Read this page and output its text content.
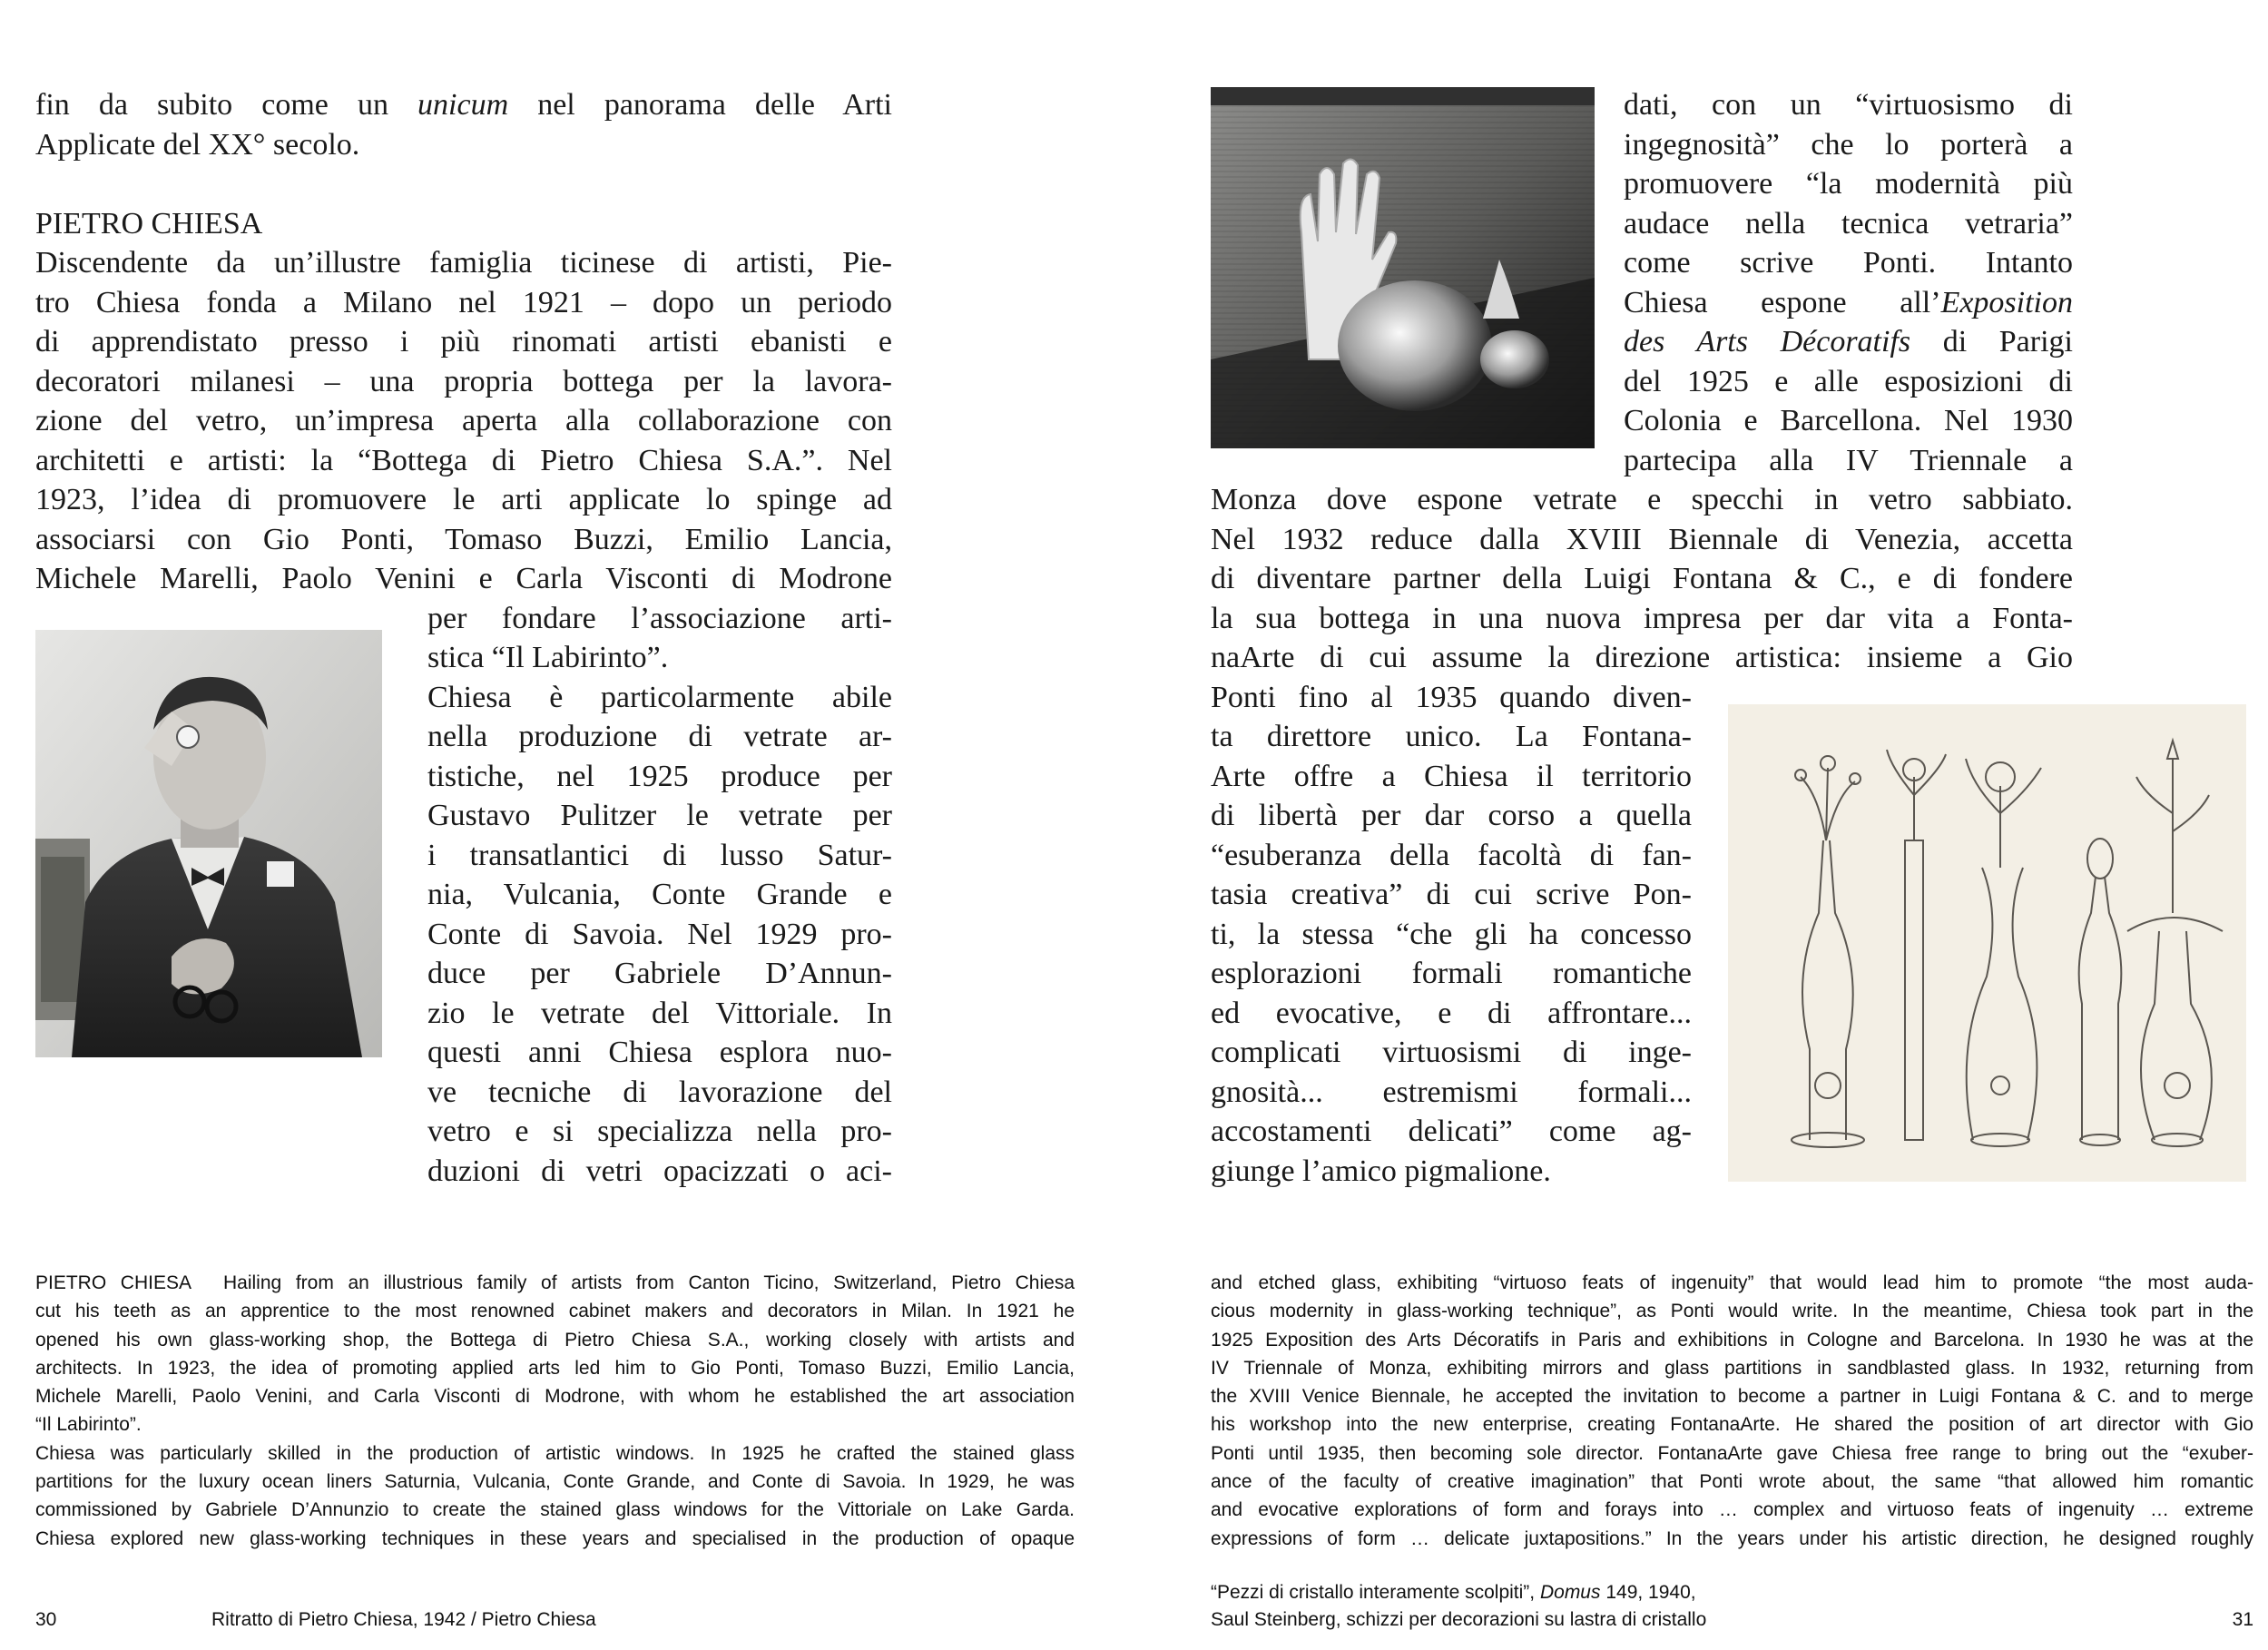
fin da subito come un unicum nel panorama delle Arti
Applicate del XX° secolo.
PIETRO CHIESA
Discendente da un’illustre famiglia ticinese di artisti, Pie-
tro Chiesa fonda a Milano nel 1921 – dopo un periodo
di apprendistato presso i più rinomati artisti ebanisti e
decoratori milanesi – una propria bottega per la lavora-
zione del vetro, un’impresa aperta alla collaborazione con
architetti e artisti: la “Bottega di Pietro Chiesa S.A.”. Nel
1923, l’idea di promuovere le arti applicate lo spinge ad
associarsi con Gio Ponti, Tomaso Buzzi, Emilio Lancia,
Michele Marelli, Paolo Venini e Carla Visconti di Modrone
per fondare l’associazione arti-
stica “Il Labirinto”.
Chiesa è particolarmente abile
nella produzione di vetrate ar-
tistiche, nel 1925 produce per
Gustavo Pulitzer le vetrate per
i transatlantici di lusso Satur-
nia, Vulcania, Conte Grande e
Conte di Savoia. Nel 1929 pro-
duce per Gabriele D’Annun-
zio le vetrate del Vittoriale. In
questi anni Chiesa esplora nuo-
ve tecniche di lavorazione del
vetro e si specializza nella pro-
duzioni di vetri opacizzati o aci-
PIETRO CHIESA Hailing from an illustrious family of artists from Canton Ticino, Switzerland, Pietro Chiesa
cut his teeth as an apprentice to the most renowned cabinet makers and decorators in Milan. In 1921 he
opened his own glass-working shop, the Bottega di Pietro Chiesa S.A., working closely with artists and
architects. In 1923, the idea of promoting applied arts led him to Gio Ponti, Tomaso Buzzi, Emilio Lancia,
Michele Marelli, Paolo Venini, and Carla Visconti di Modrone, with whom he established the art association
“Il Labirinto”.
Chiesa was particularly skilled in the production of artistic windows. In 1925 he crafted the stained glass
partitions for the luxury ocean liners Saturnia, Vulcania, Conte Grande, and Conte di Savoia. In 1929, he was
commissioned by Gabriele D’Annunzio to create the stained glass windows for the Vittoriale on Lake Garda.
Chiesa explored new glass-working techniques in these years and specialised in the production of opaque
30	Ritratto di Pietro Chiesa, 1942 / Pietro Chiesa
dati, con un “virtuosismo di
ingegnosità” che lo porterà a
promuovere “la modernità più
audace nella tecnica vetraria”
come scrive Ponti. Intanto
Chiesa espone all’Exposition
des Arts Décoratifs di Parigi
del 1925 e alle esposizioni di
Colonia e Barcellona. Nel 1930
partecipa alla IV Triennale a
Monza dove espone vetrate e specchi in vetro sabbiato.
Nel 1932 reduce dalla XVIII Biennale di Venezia, accetta
di diventare partner della Luigi Fontana & C., e di fondere
la sua bottega in una nuova impresa per dar vita a Fonta-
naArte di cui assume la direzione artistica: insieme a Gio
Ponti fino al 1935 quando diven-
ta direttore unico. La Fontana-
Arte offre a Chiesa il territorio
di libertà per dar corso a quella
“esuberanza della facoltà di fan-
tasia creativa” di cui scrive Pon-
ti, la stessa “che gli ha concesso
esplorazioni formali romantiche
ed evocative, e di affrontare...
complicati virtuosismi di inge-
gnosità... estremismi formali...
accostamenti delicati” come ag-
giunge l’amico pigmalione.
and etched glass, exhibiting “virtuoso feats of ingenuity” that would lead him to promote “the most auda-
cious modernity in glass-working technique”, as Ponti would write. In the meantime, Chiesa took part in the
1925 Exposition des Arts Décoratifs in Paris and exhibitions in Cologne and Barcelona. In 1930 he was at the
IV Triennale of Monza, exhibiting mirrors and glass partitions in sandblasted glass. In 1932, returning from
the XVIII Venice Biennale, he accepted the invitation to become a partner in Luigi Fontana & C. and to merge
his workshop into the new enterprise, creating FontanaArte. He shared the position of art director with Gio
Ponti until 1935, then becoming sole director. FontanaArte gave Chiesa free range to bring out the “exuber-
ance of the faculty of creative imagination” that Ponti wrote about, the same “that allowed him romantic
and evocative explorations of form and forays into … complex and virtuoso feats of ingenuity … extreme
expressions of form … delicate juxtapositions.” In the years under his artistic direction, he designed roughly
“Pezzi di cristallo interamente scolpiti”, Domus 149, 1940,
Saul Steinberg, schizzi per decorazioni su lastra di cristallo	31
